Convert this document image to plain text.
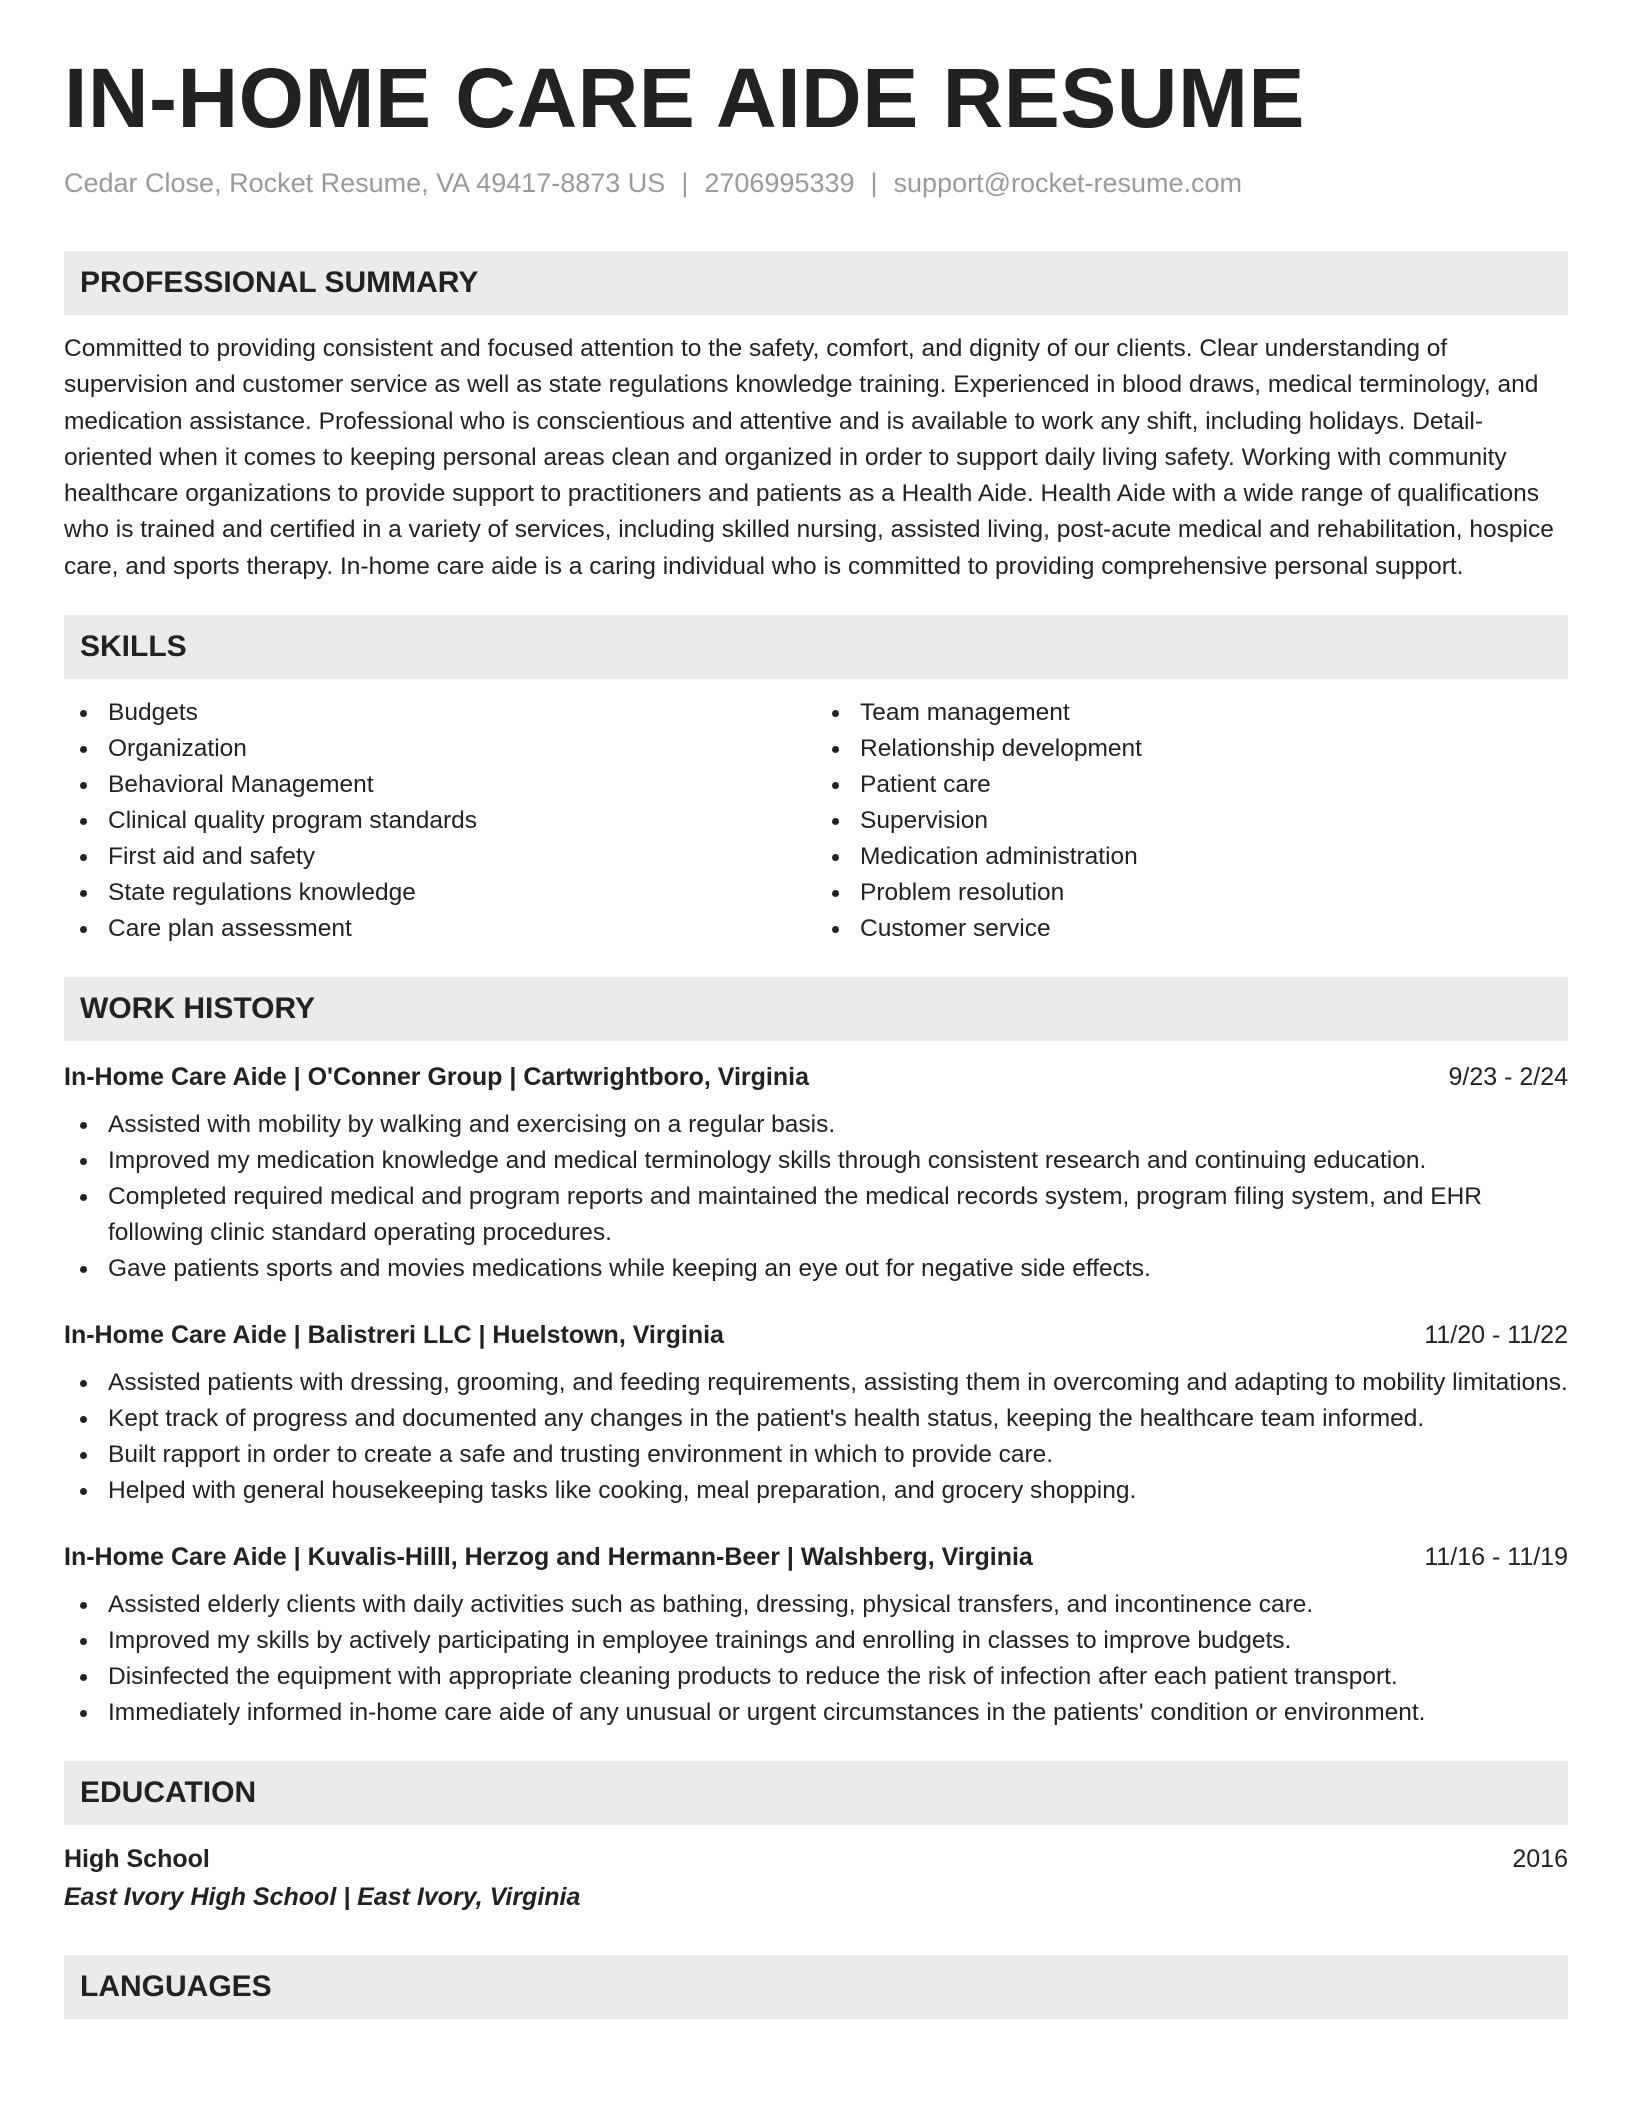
IN-HOME CARE AIDE RESUME
Cedar Close, Rocket Resume, VA 49417-8873 US | 2706995339 | support@rocket-resume.com
PROFESSIONAL SUMMARY

Committed to providing consistent and focused attention to the safety, comfort, and dignity of our clients. Clear understanding of supervision and customer service as well as state regulations knowledge training. Experienced in blood draws, medical terminology, and medication assistance. Professional who is conscientious and attentive and is available to work any shift, including holidays. Detail-oriented when it comes to keeping personal areas clean and organized in order to support daily living safety. Working with community healthcare organizations to provide support to practitioners and patients as a Health Aide. Health Aide with a wide range of qualifications who is trained and certified in a variety of services, including skilled nursing, assisted living, post-acute medical and rehabilitation, hospice care, and sports therapy. In-home care aide is a caring individual who is committed to providing comprehensive personal support.

SKILLS
Budgets
Organization
Behavioral Management
Clinical quality program standards
First aid and safety
State regulations knowledge
Care plan assessment
Team management
Relationship development
Patient care
Supervision
Medication administration
Problem resolution
Customer service
WORK HISTORY
In-Home Care Aide | O'Conner Group | Cartwrightboro, Virginia	9/23 - 2/24
Assisted with mobility by walking and exercising on a regular basis.
Improved my medication knowledge and medical terminology skills through consistent research and continuing education.
Completed required medical and program reports and maintained the medical records system, program filing system, and EHR following clinic standard operating procedures.
Gave patients sports and movies medications while keeping an eye out for negative side effects.
In-Home Care Aide | Balistreri LLC | Huelstown, Virginia	11/20 - 11/22
Assisted patients with dressing, grooming, and feeding requirements, assisting them in overcoming and adapting to mobility limitations.
Kept track of progress and documented any changes in the patient's health status, keeping the healthcare team informed.
Built rapport in order to create a safe and trusting environment in which to provide care.
Helped with general housekeeping tasks like cooking, meal preparation, and grocery shopping.
In-Home Care Aide | Kuvalis-Hilll, Herzog and Hermann-Beer | Walshberg, Virginia	11/16 - 11/19
Assisted elderly clients with daily activities such as bathing, dressing, physical transfers, and incontinence care.
Improved my skills by actively participating in employee trainings and enrolling in classes to improve budgets.
Disinfected the equipment with appropriate cleaning products to reduce the risk of infection after each patient transport.
Immediately informed in-home care aide of any unusual or urgent circumstances in the patients' condition or environment.
EDUCATION
High School	2016
East Ivory High School | East Ivory, Virginia
LANGUAGES
